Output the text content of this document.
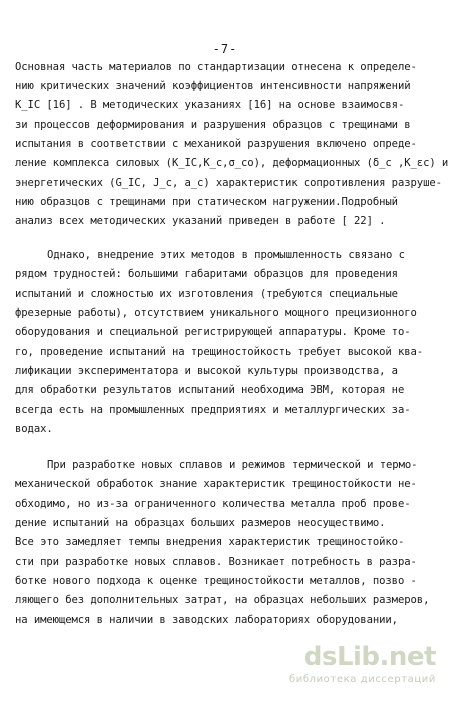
-7-
Основная часть материалов по стандартизации отнесена к определе-
нию критических значений коэффициентов интенсивности напряжений
K_IC [16] . В методических указаниях [16] на основе взаимосвя-
зи процессов деформирования и разрушения образцов с трещинами в
испытания в соответствии с механикой разрушения включено опреде-
ление комплекса силовых (K_IC,K_c,σ_co), деформационных (δ_c ,K_εc) и
энергетических (G_IC, J_c, a_c) характеристик сопротивления разруше-
нию образцов с трещинами при статическом нагружении.Подробный
анализ всех методических указаний приведен в работе [ 22] .
Однако, внедрение этих методов в промышленность связано с
рядом трудностей: большими габаритами образцов для проведения
испытаний и сложностью их изготовления (требуются специальные
фрезерные работы), отсутствием уникального мощного прецизионного
оборудования и специальной регистрирующей аппаратуры. Кроме то-
го, проведение испытаний на трещиностойкость требует высокой ква-
лификации экспериментатора и высокой культуры производства, а
для обработки результатов испытаний необходима ЭВМ, которая не
всегда есть на промышленных предприятиях и металлургических за-
водах.
При разработке новых сплавов и режимов термической и термо-
механической обработок знание характеристик трещиностойкости не-
обходимо, но из-за ограниченного количества металла проб прове-
дение испытаний на образцах больших размеров неосуществимо.
Все это замедляет темпы внедрения характеристик трещиностойко-
сти при разработке новых сплавов. Возникает потребность в разра-
ботке нового подхода к оценке трещиностойкости металлов, позво -
ляющего без дополнительных затрат, на образцах небольших размеров,
на имеющемся в наличии в заводских лабораториях оборудовании,
dsLib.net
библиотека диссертаций
